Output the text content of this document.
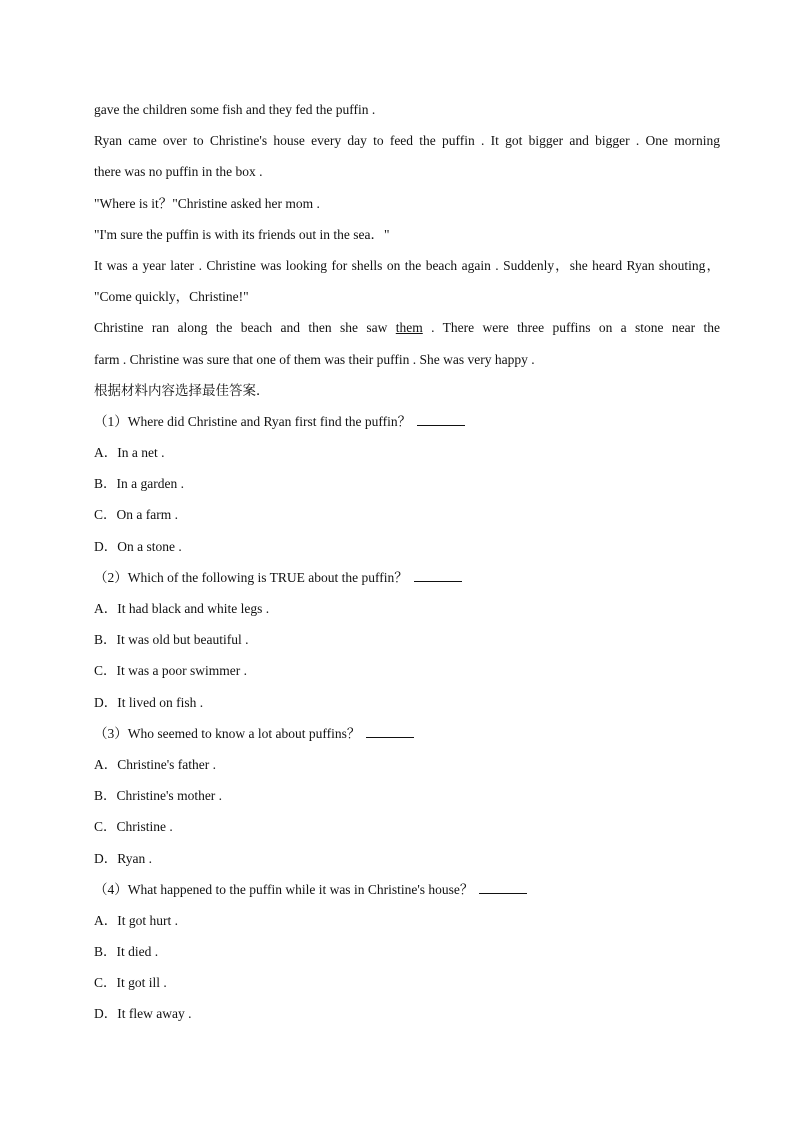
gave the children some fish and they fed the puffin .
Ryan came over to Christine's house every day to feed the puffin . It got bigger and bigger . One morning
there was no puffin in the box .
"Where is it？"Christine asked her mom .
"I'm sure the puffin is with its friends out in the sea．"
It was a year later . Christine was looking for shells on the beach again . Suddenly，she heard Ryan shouting，
"Come quickly，Christine!"
Christine ran along the beach and then she saw them . There were three puffins on a stone near the
farm . Christine was sure that one of them was their puffin . She was very happy .
根据材料内容选择最佳答案．
（1）Where did Christine and Ryan first find the puffin？
A．In a net .
B．In a garden .
C．On a farm .
D．On a stone .
（2）Which of the following is TRUE about the puffin？
A．It had black and white legs .
B．It was old but beautiful .
C．It was a poor swimmer .
D．It lived on fish .
（3）Who seemed to know a lot about puffins？
A．Christine's father .
B．Christine's mother .
C．Christine .
D．Ryan .
（4）What happened to the puffin while it was in Christine's house？
A．It got hurt .
B．It died .
C．It got ill .
D．It flew away .
